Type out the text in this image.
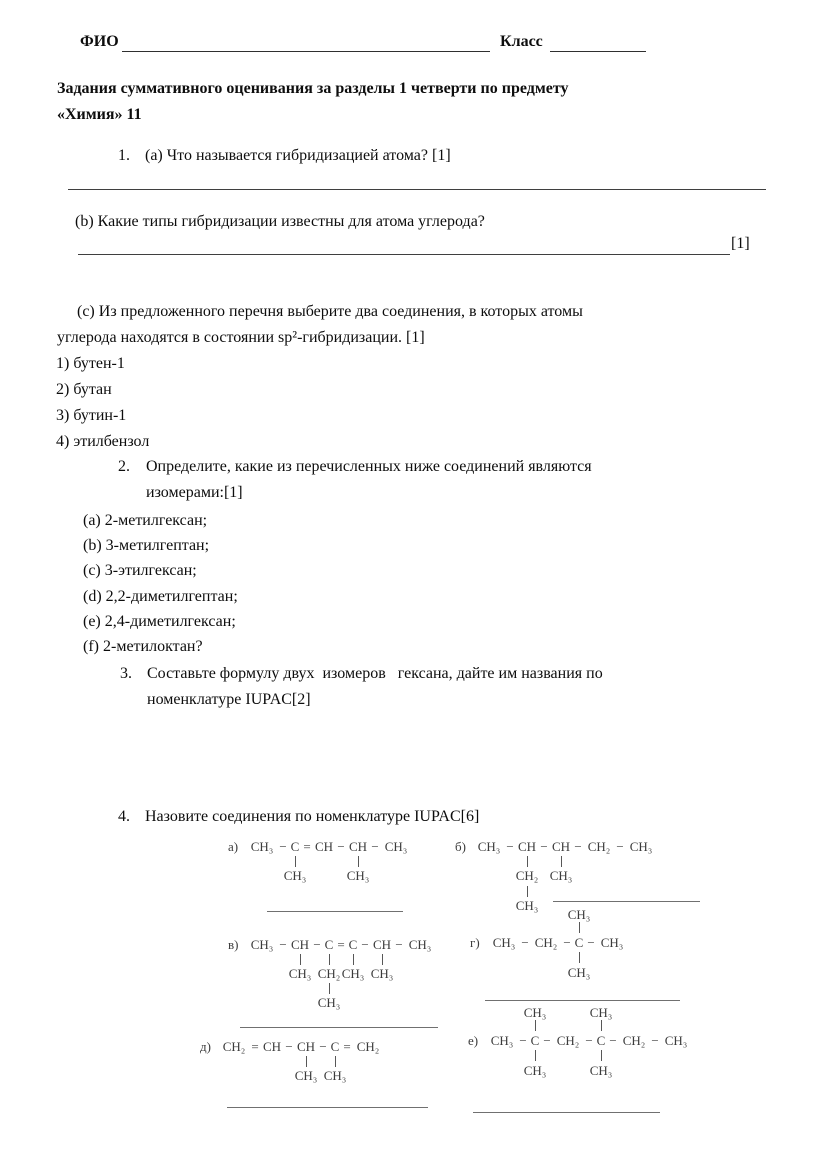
ФИО	Класс
Задания суммативного оценивания за разделы 1 четверти по предмету
«Химия» 11
1. (a) Что называется гибридизацией атома? [1]
(b) Какие типы гибридизации известны для атома углерода?
[1]
(c) Из предложенного перечня выберите два соединения, в которых атомы
углерода находятся в состоянии sp²-гибридизации. [1]
1) бутен-1
2) бутан
3) бутин-1
4) этилбензол
2. Определите, какие из перечисленных ниже соединений являются
изомерами:[1]
(a) 2-метилгексан;
(b) 3-метилгептан;
(c) 3-этилгексан;
(d) 2,2-диметилгептан;
(e) 2,4-диметилгексан;
(f) 2-метилоктан?
3. Составьте формулу двух  изомеров   гексана, дайте им названия по
номенклатуре IUPAC[2]
4. Назовите соединения по номенклатуре IUPAC[6]
а) CH₃ − C = CH − CH − CH₃
CH₃	CH₃
б) CH₃ − CH − CH − CH₂ − CH₃
CH₂ CH₃
CH₃
в) CH₃ − CH − C = C − CH − CH₃
CH₃ CH₂ CH₃ CH₃
CH₃
CH₃
г)	CH₃ − CH₂ − C − CH₃
CH₃
д) CH₂ = CH − CH − C = CH₂
CH₃ CH₃
CH₃	CH₃
е) CH₃ − C − CH₂ − C − CH₂ − CH₃
CH₃	CH₃
